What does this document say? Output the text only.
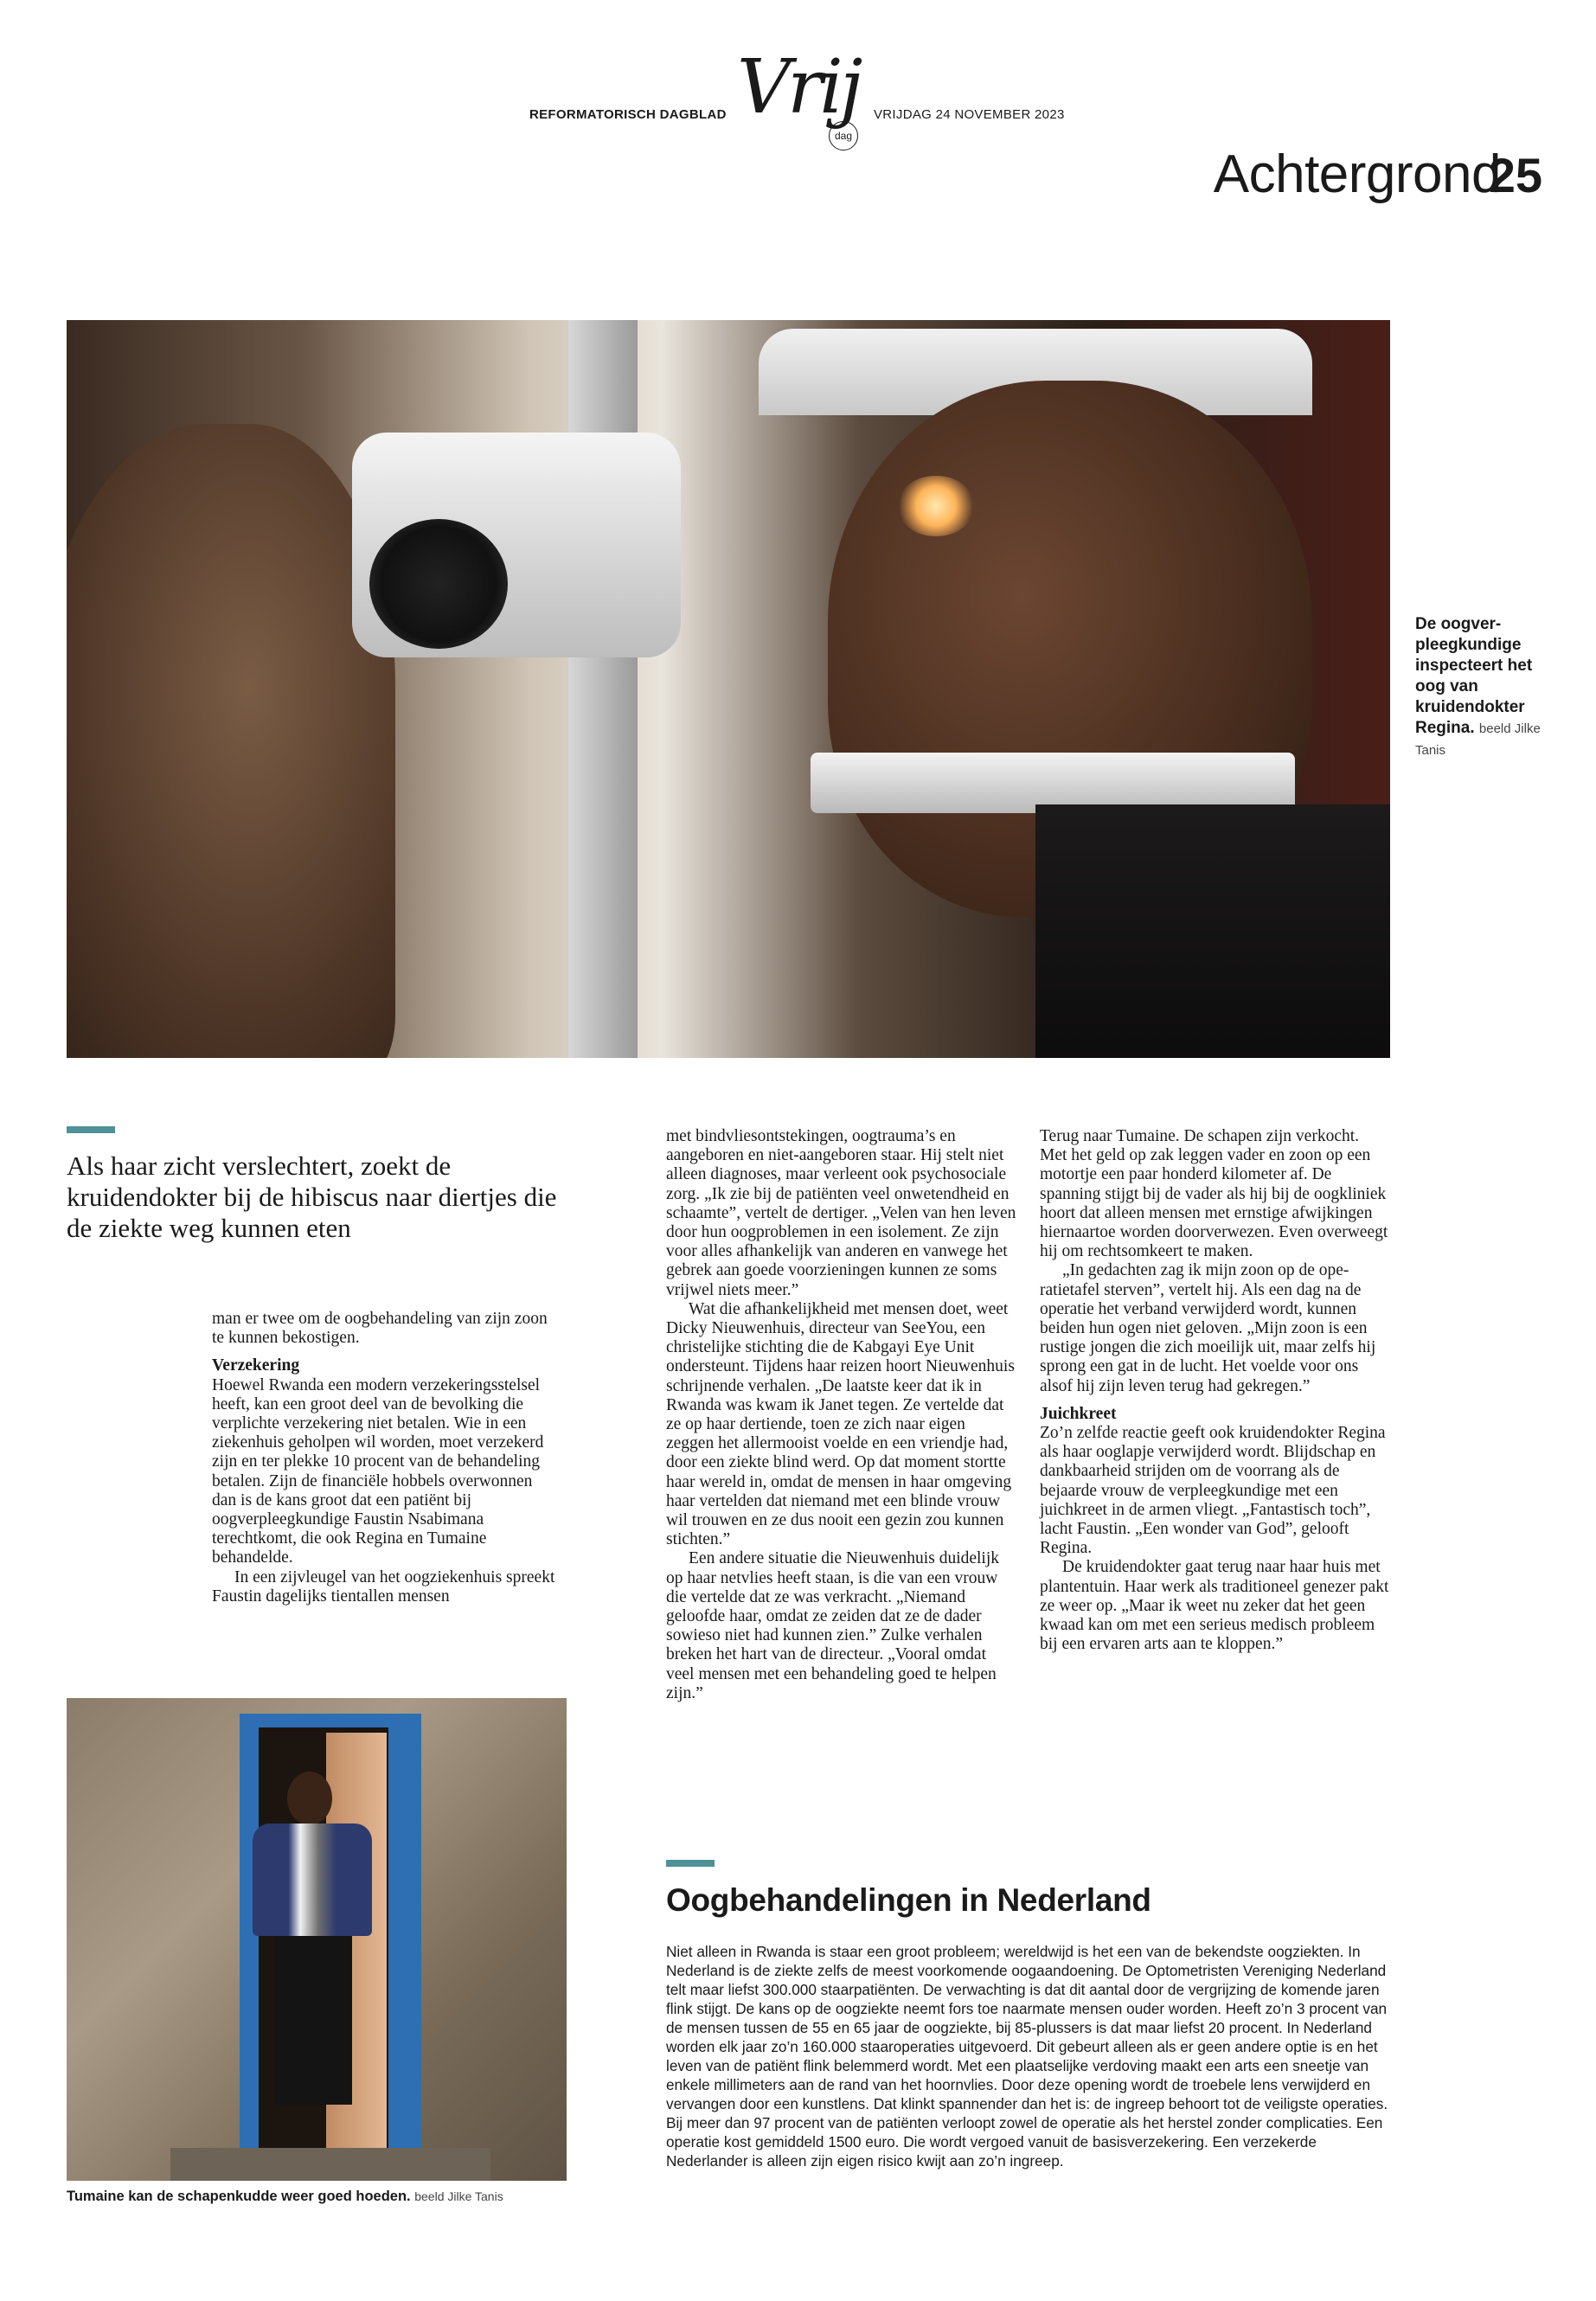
REFORMATORISCH DAGBLAD Vrij
dag
VRIJDAG 24 NOVEMBER 2023
Achtergrond
25
De oogverpleegkundige inspecteert het oog van kruidendokter Regina. beeld Jilke Tanis
Als haar zicht verslechtert, zoekt de kruidendokter bij de hibiscus naar diertjes die de ziekte weg kunnen eten

man er twee om de oogbehandeling van zijn zoon te kunnen bekostigen.

Verzekering

Hoewel Rwanda een modern verzekeringsstelsel heeft, kan een groot deel van de bevolking die verplichte verzekering niet betalen. Wie in een ziekenhuis geholpen wil worden, moet verzekerd zijn en ter plekke 10 procent van de behandeling betalen. Zijn de financiële hobbels overwonnen dan is de kans groot dat een patiënt bij oogverpleegkundige Faustin Nsabimana terechtkomt, die ook Regina en Tumaine behandelde.

In een zijvleugel van het oogziekenhuis spreekt Faustin dagelijks tientallen mensen

met bindvliesontstekingen, oogtrauma’s en aangeboren en niet-aangeboren staar. Hij stelt niet alleen diagnoses, maar verleent ook psychosociale zorg. „Ik zie bij de patiënten veel onwetendheid en schaamte”, vertelt de dertiger. „Velen van hen leven door hun oogproblemen in een isolement. Ze zijn voor alles afhankelijk van anderen en vanwege het gebrek aan goede voorzieningen kunnen ze soms vrijwel niets meer.”

Wat die afhankelijkheid met mensen doet, weet Dicky Nieuwenhuis, directeur van SeeYou, een christelijke stichting die de Kabgayi Eye Unit ondersteunt. Tijdens haar reizen hoort Nieuwenhuis schrijnende verhalen. „De laatste keer dat ik in Rwanda was kwam ik Janet tegen. Ze vertelde dat ze op haar dertiende, toen ze zich naar eigen zeggen het allermooist voelde en een vriendje had, door een ziekte blind werd. Op dat moment stortte haar wereld in, omdat de mensen in haar omgeving haar vertelden dat niemand met een blinde vrouw wil trouwen en ze dus nooit een gezin zou kunnen stichten.”

Een andere situatie die Nieuwenhuis duidelijk op haar netvlies heeft staan, is die van een vrouw die vertelde dat ze was verkracht. „Niemand geloofde haar, omdat ze zeiden dat ze de dader sowieso niet had kunnen zien.” Zulke verhalen breken het hart van de directeur. „Vooral omdat veel mensen met een behandeling goed te helpen zijn.”

Terug naar Tumaine. De schapen zijn verkocht. Met het geld op zak leggen vader en zoon op een motortje een paar honderd kilometer af. De spanning stijgt bij de vader als hij bij de oogkliniek hoort dat alleen mensen met ernstige afwijkingen hiernaartoe worden doorverwezen. Even overweegt hij om rechtsomkeert te maken.

„In gedachten zag ik mijn zoon op de operatietafel sterven”, vertelt hij. Als een dag na de operatie het verband verwijderd wordt, kunnen beiden hun ogen niet geloven. „Mijn zoon is een rustige jongen die zich moeilijk uit, maar zelfs hij sprong een gat in de lucht. Het voelde voor ons alsof hij zijn leven terug had gekregen.”

Juichkreet

Zo’n zelfde reactie geeft ook kruidendokter Regina als haar ooglapje verwijderd wordt. Blijdschap en dankbaarheid strijden om de voorrang als de bejaarde vrouw de verpleegkundige met een juichkreet in de armen vliegt. „Fantastisch toch”, lacht Faustin. „Een wonder van God”, gelooft Regina.

De kruidendokter gaat terug naar haar huis met plantentuin. Haar werk als traditioneel genezer pakt ze weer op. „Maar ik weet nu zeker dat het geen kwaad kan om met een serieus medisch probleem bij een ervaren arts aan te kloppen.”

Tumaine kan de schapenkudde weer goed hoeden. beeld Jilke Tanis
Oogbehandelingen in Nederland

Niet alleen in Rwanda is staar een groot probleem; wereldwijd is het een van de bekendste oogziekten. In Nederland is de ziekte zelfs de meest voorkomende oogaandoening. De Optometristen Vereniging Nederland telt maar liefst 300.000 staarpatiënten. De verwachting is dat dit aantal door de vergrijzing de komende jaren flink stijgt. De kans op de oogziekte neemt fors toe naarmate mensen ouder worden. Heeft zo’n 3 procent van de mensen tussen de 55 en 65 jaar de oogziekte, bij 85-plussers is dat maar liefst 20 procent. In Nederland worden elk jaar zo’n 160.000 staaroperaties uitgevoerd. Dit gebeurt alleen als er geen andere optie is en het leven van de patiënt flink belemmerd wordt. Met een plaatselijke verdoving maakt een arts een sneetje van enkele millimeters aan de rand van het hoornvlies. Door deze opening wordt de troebele lens verwijderd en vervangen door een kunstlens. Dat klinkt spannender dan het is: de ingreep behoort tot de veiligste operaties. Bij meer dan 97 procent van de patiënten verloopt zowel de operatie als het herstel zonder complicaties. Een operatie kost gemiddeld 1500 euro. Die wordt vergoed vanuit de basisverzekering. Een verzekerde Nederlander is alleen zijn eigen risico kwijt aan zo’n ingreep.
